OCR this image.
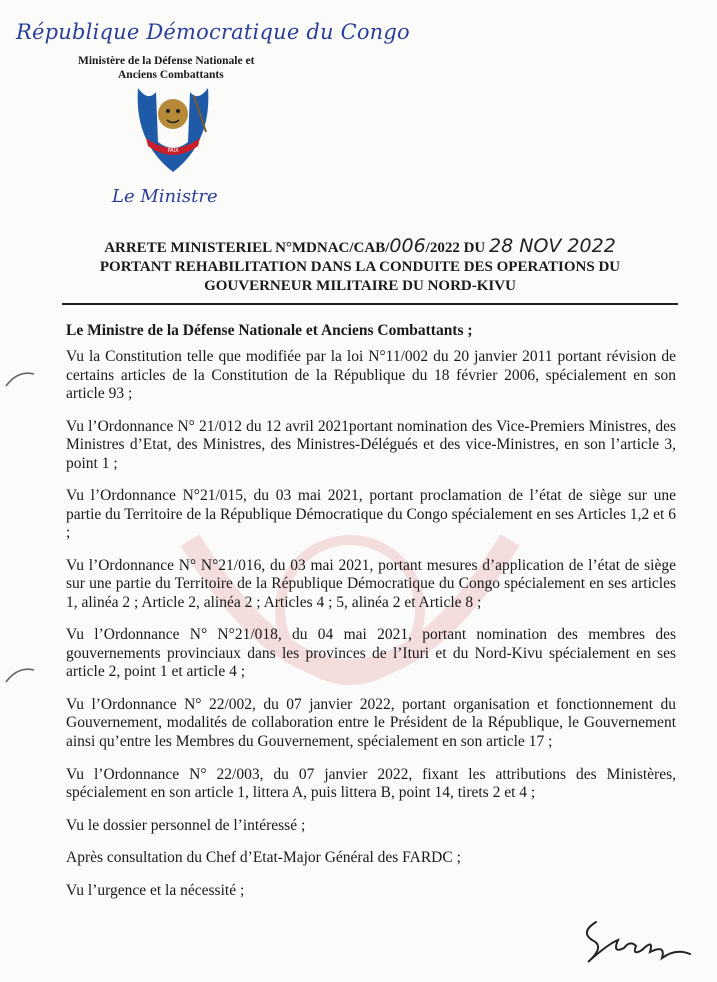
République Démocratique du Congo
Ministère de la Défense Nationale et
Anciens Combattants
PAIX
Le Ministre
ARRETE MINISTERIEL N°MDNAC/CAB/006/2022 DU 28 NOV 2022
PORTANT REHABILITATION DANS LA CONDUITE DES OPERATIONS DU
GOUVERNEUR MILITAIRE DU NORD-KIVU

Le Ministre de la Défense Nationale et Anciens Combattants ;

Vu la Constitution telle que modifiée par la loi N°11/002 du 20 janvier 2011 portant révision de certains articles de la Constitution de la République du 18 février 2006, spécialement en son article 93 ;

Vu l’Ordonnance N° 21/012 du 12 avril 2021portant nomination des Vice-Premiers Ministres, des Ministres d’Etat, des Ministres, des Ministres-Délégués et des vice-Ministres, en son l’article 3, point 1 ;

Vu l’Ordonnance N°21/015, du 03 mai 2021, portant proclamation de l’état de siège sur une partie du Territoire de la République Démocratique du Congo spécialement en ses Articles 1,2 et 6 ;

Vu l’Ordonnance N° N°21/016, du 03 mai 2021, portant mesures d’application de l’état de siège sur une partie du Territoire de la République Démocratique du Congo spécialement en ses articles 1, alinéa 2 ; Article 2, alinéa 2 ; Articles 4 ; 5, alinéa 2 et Article 8 ;

Vu l’Ordonnance N° N°21/018, du 04 mai 2021, portant nomination des membres des gouvernements provinciaux dans les provinces de l’Ituri et du Nord-Kivu spécialement en ses article 2, point 1 et article 4 ;

Vu l’Ordonnance N° 22/002, du 07 janvier 2022, portant organisation et fonctionnement du Gouvernement, modalités de collaboration entre le Président de la République, le Gouvernement ainsi qu’entre les Membres du Gouvernement, spécialement en son article 17 ;

Vu l’Ordonnance N° 22/003, du 07 janvier 2022, fixant les attributions des Ministères, spécialement en son article 1, littera A, puis littera B, point 14, tirets 2 et 4 ;

Vu le dossier personnel de l’intéressé ;

Après consultation du Chef d’Etat-Major Général des FARDC ;

Vu l’urgence et la nécessité ;
